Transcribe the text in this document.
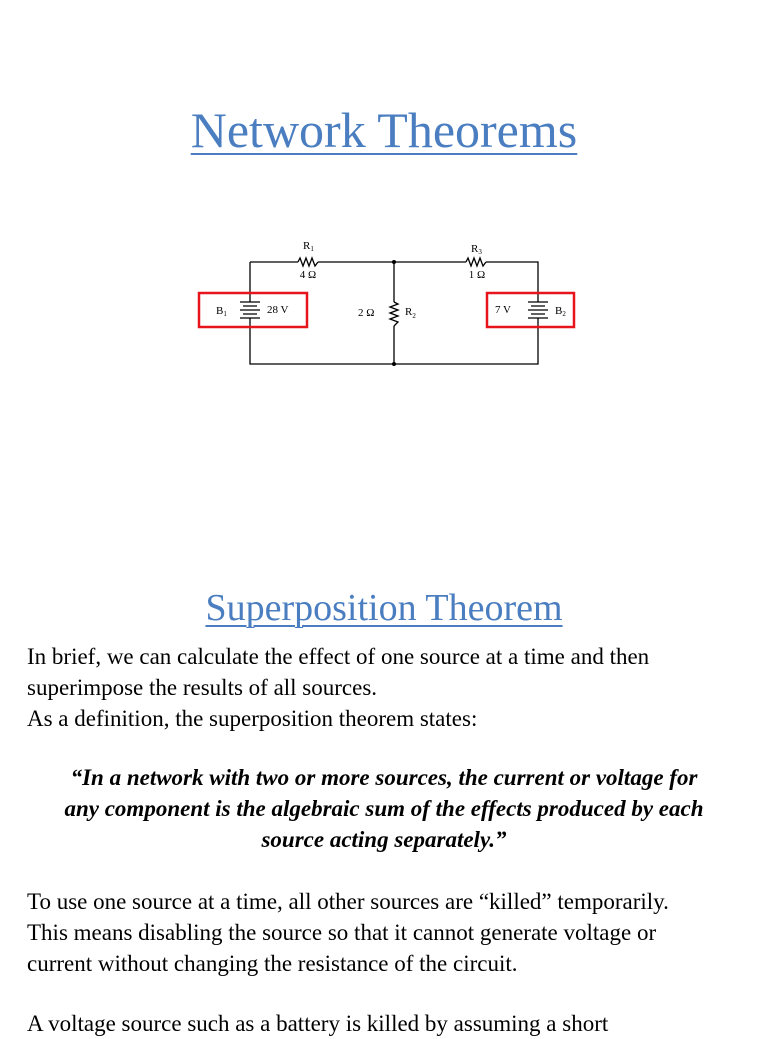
Network Theorems
R1
4 Ω
R3
1 Ω
2 Ω	$R_2$
B1	28 V	7 V	B2
Superposition Theorem

In brief, we can calculate the effect of one source at a time and then
superimpose the results of all sources.
As a definition, the superposition theorem states:

“In a network with two or more sources, the current or voltage for
any component is the algebraic sum of the effects produced by each
source acting separately.”

To use one source at a time, all other sources are “killed” temporarily.
This means disabling the source so that it cannot generate voltage or
current without changing the resistance of the circuit.

A voltage source such as a battery is killed by assuming a short
